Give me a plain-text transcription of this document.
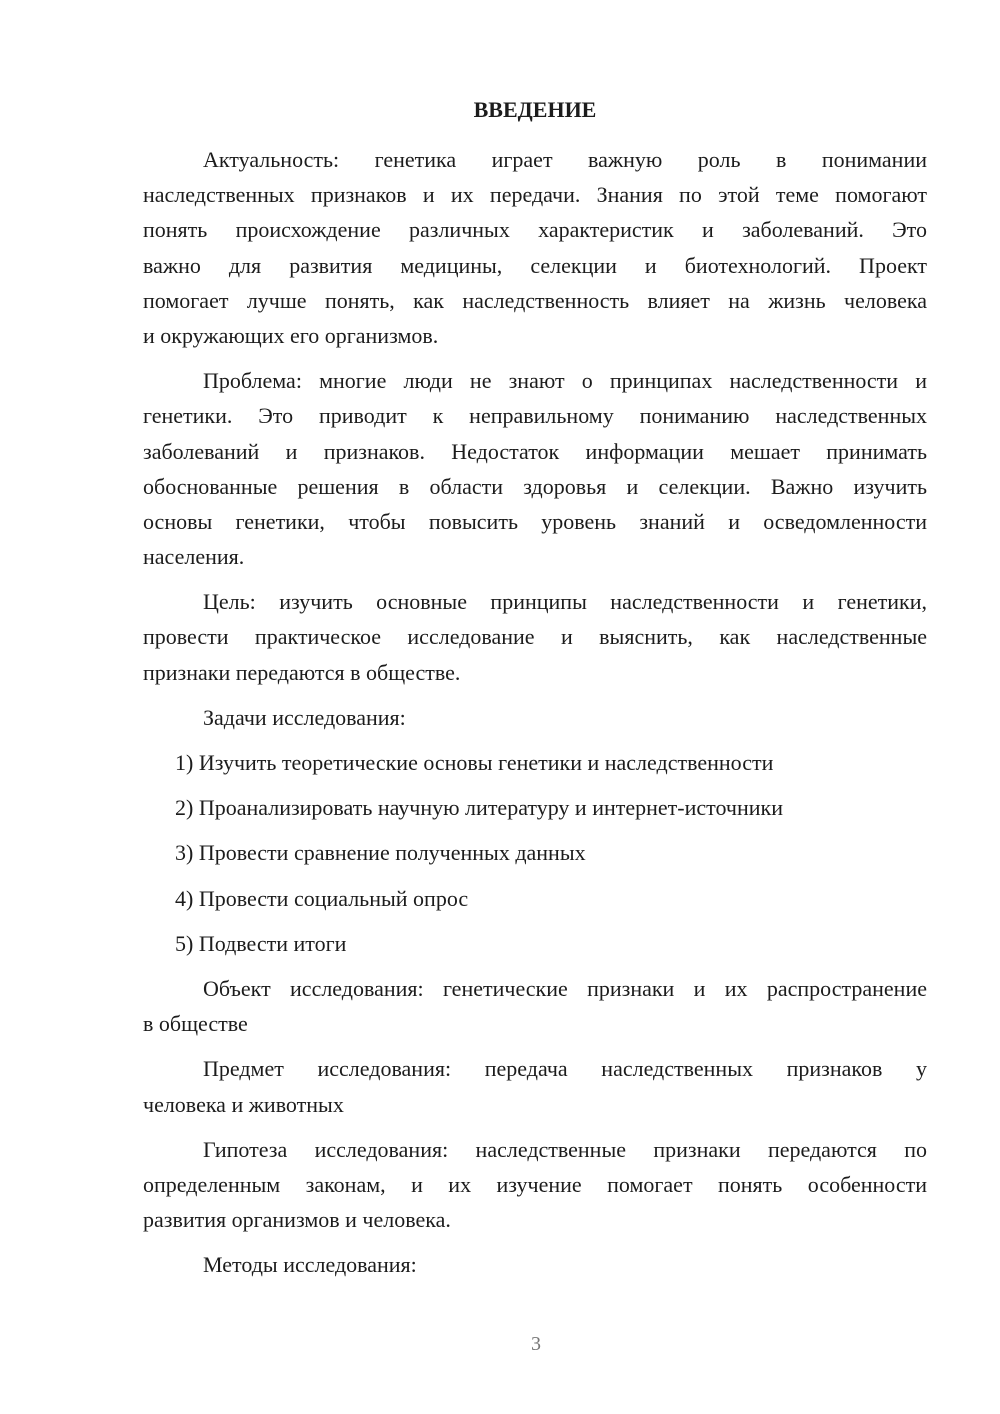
ВВЕДЕНИЕ
Актуальность: генетика играет важную роль в понимании
наследственных признаков и их передачи. Знания по этой теме помогают
понять происхождение различных характеристик и заболеваний. Это
важно для развития медицины, селекции и биотехнологий. Проект
помогает лучше понять, как наследственность влияет на жизнь человека
и окружающих его организмов.
Проблема: многие люди не знают о принципах наследственности и
генетики. Это приводит к неправильному пониманию наследственных
заболеваний и признаков. Недостаток информации мешает принимать
обоснованные решения в области здоровья и селекции. Важно изучить
основы генетики, чтобы повысить уровень знаний и осведомленности
населения.
Цель: изучить основные принципы наследственности и генетики,
провести практическое исследование и выяснить, как наследственные
признаки передаются в обществе.
Задачи исследования:
1) Изучить теоретические основы генетики и наследственности
2) Проанализировать научную литературу и интернет-источники
3) Провести сравнение полученных данных
4) Провести социальный опрос
5) Подвести итоги
Объект исследования: генетические признаки и их распространение
в обществе
Предмет исследования: передача наследственных признаков у
человека и животных
Гипотеза исследования: наследственные признаки передаются по
определенным законам, и их изучение помогает понять особенности
развития организмов и человека.
Методы исследования:
3
